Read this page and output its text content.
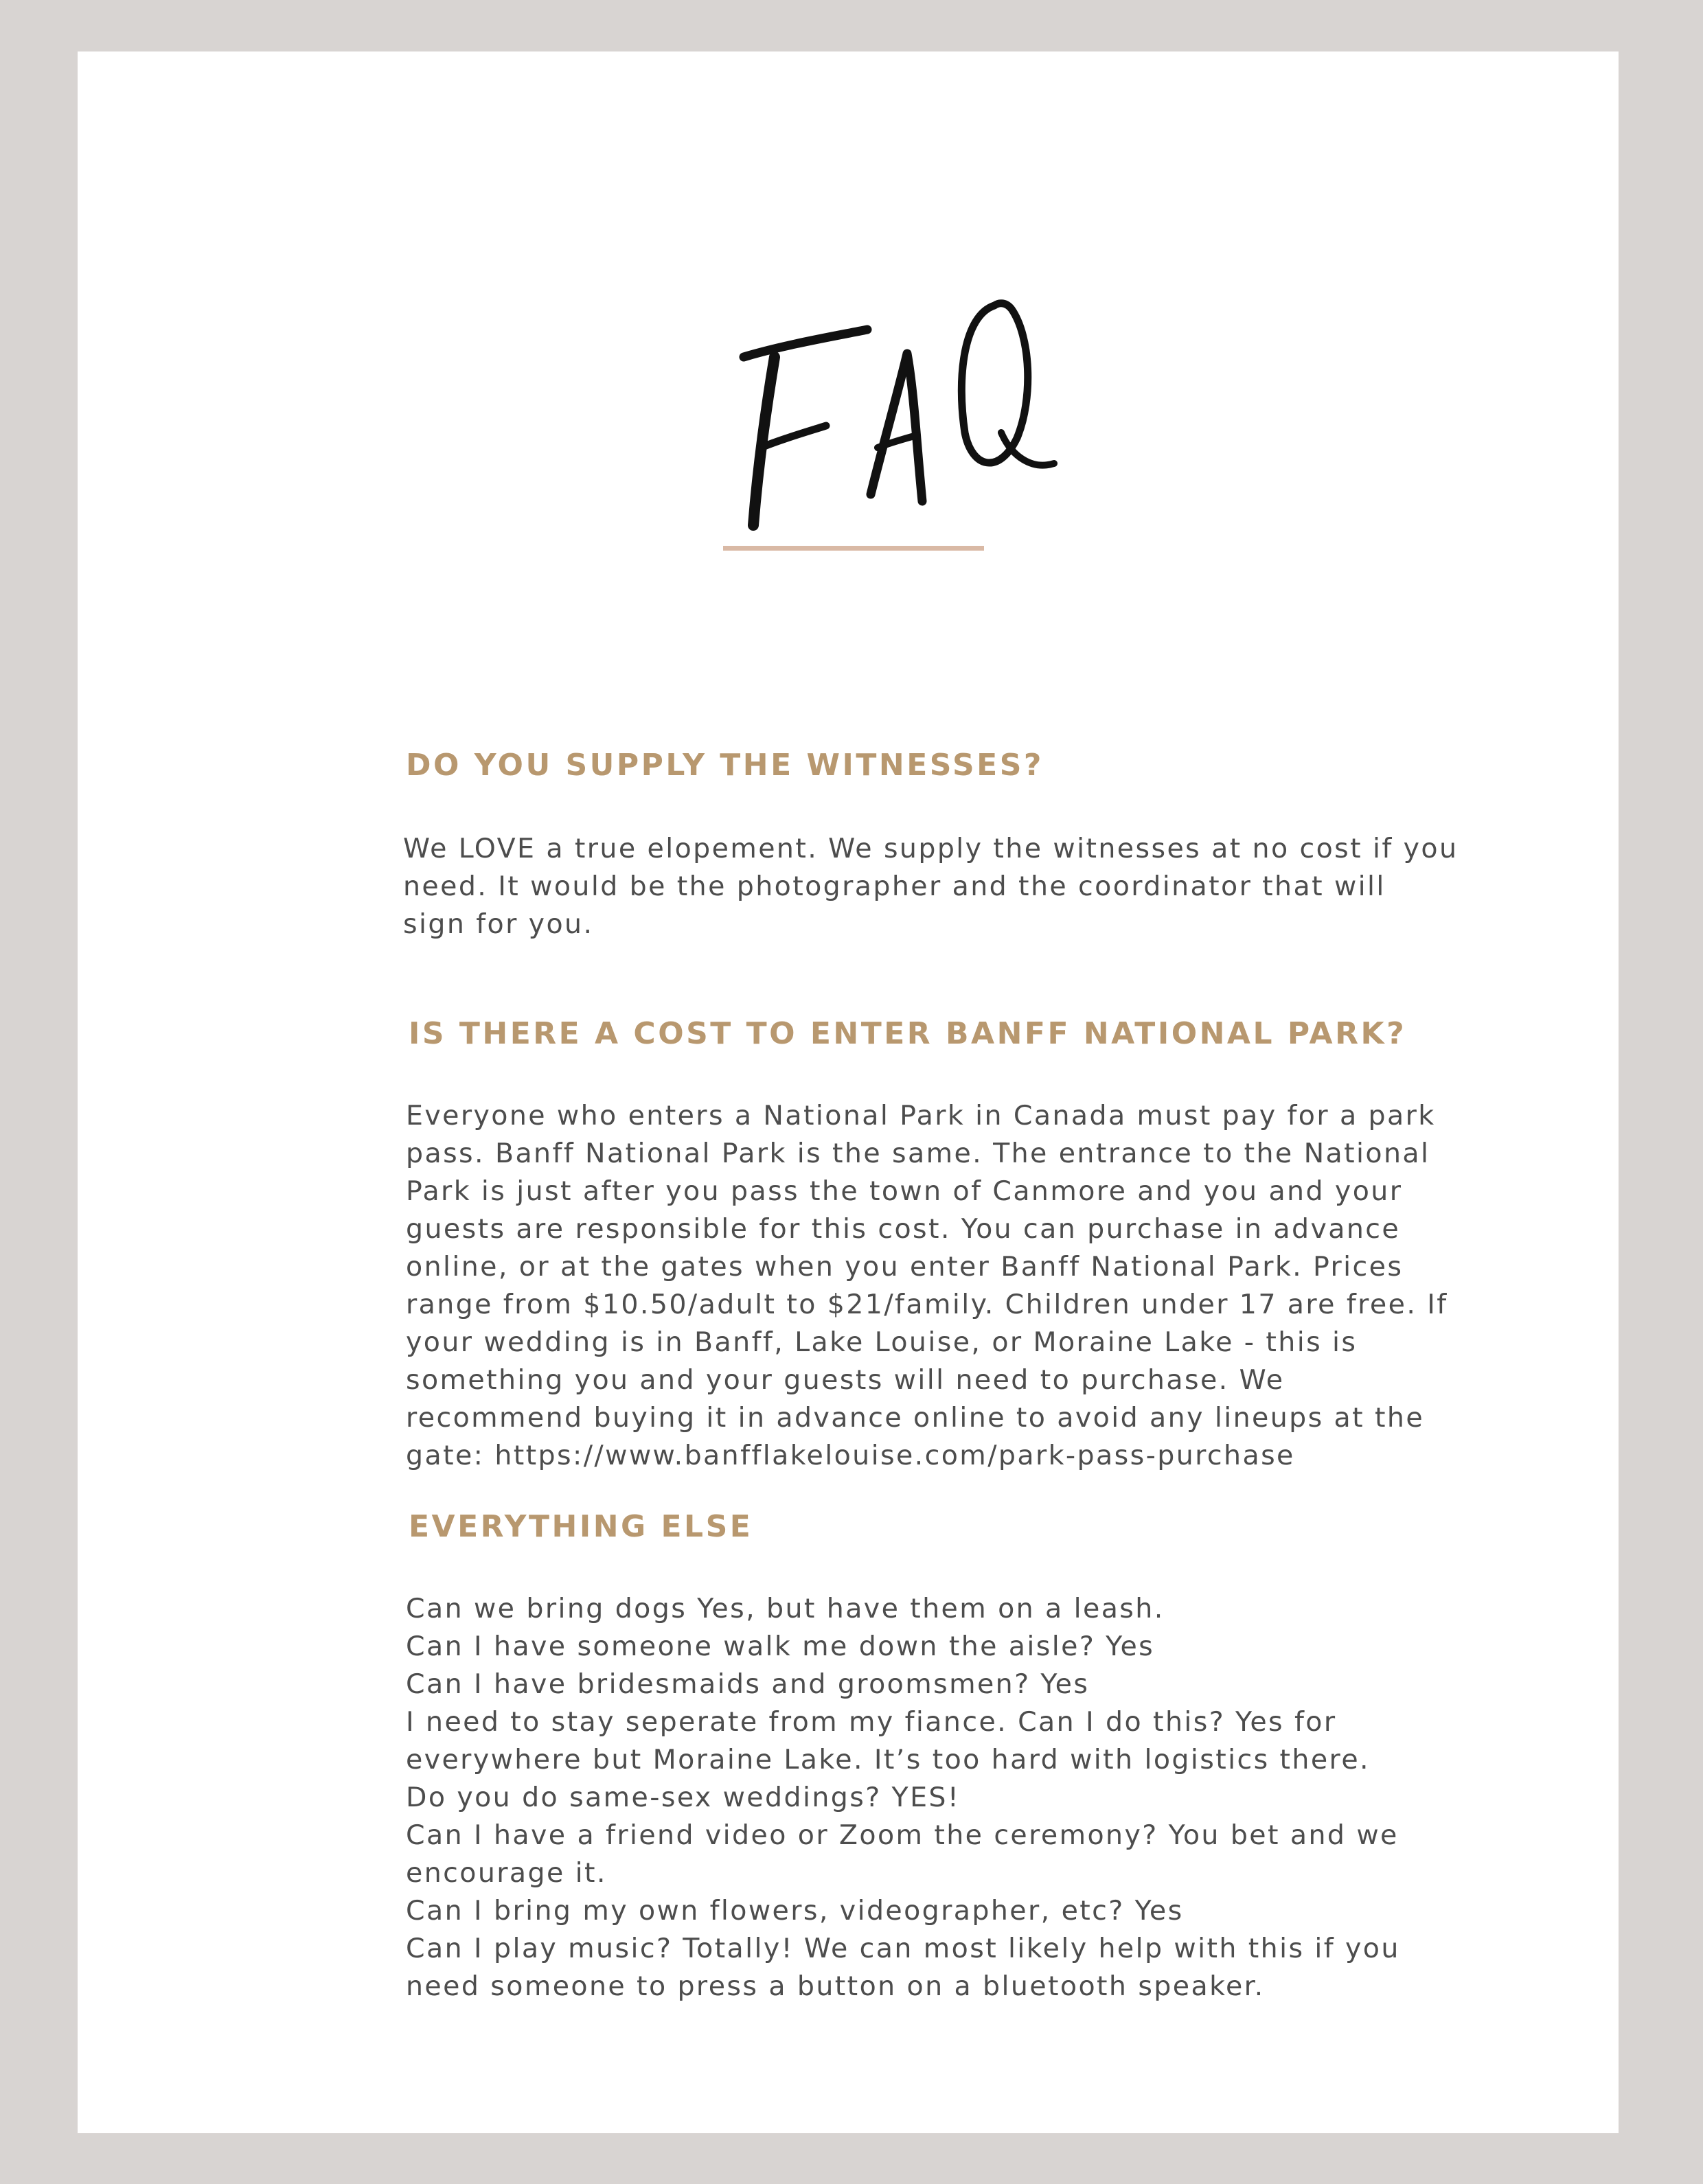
DO YOU SUPPLY THE WITNESSES?

We LOVE a true elopement. We supply the witnesses at no cost if you
need. It would be the photographer and the coordinator that will
sign for you.

IS THERE A COST TO ENTER BANFF NATIONAL PARK?

Everyone who enters a National Park in Canada must pay for a park
pass. Banff National Park is the same. The entrance to the National
Park is just after you pass the town of Canmore and you and your
guests are responsible for this cost. You can purchase in advance
online, or at the gates when you enter Banff National Park. Prices
range from $10.50/adult to $21/family. Children under 17 are free. If
your wedding is in Banff, Lake Louise, or Moraine Lake - this is
something you and your guests will need to purchase. We
recommend buying it in advance online to avoid any lineups at the
gate: https://www.banfflakelouise.com/park-pass-purchase

EVERYTHING ELSE

Can we bring dogs Yes, but have them on a leash.
Can I have someone walk me down the aisle? Yes
Can I have bridesmaids and groomsmen? Yes
I need to stay seperate from my fiance. Can I do this? Yes for
everywhere but Moraine Lake. It’s too hard with logistics there.
Do you do same-sex weddings? YES!
Can I have a friend video or Zoom the ceremony? You bet and we
encourage it.
Can I bring my own flowers, videographer, etc? Yes
Can I play music? Totally! We can most likely help with this if you
need someone to press a button on a bluetooth speaker.
